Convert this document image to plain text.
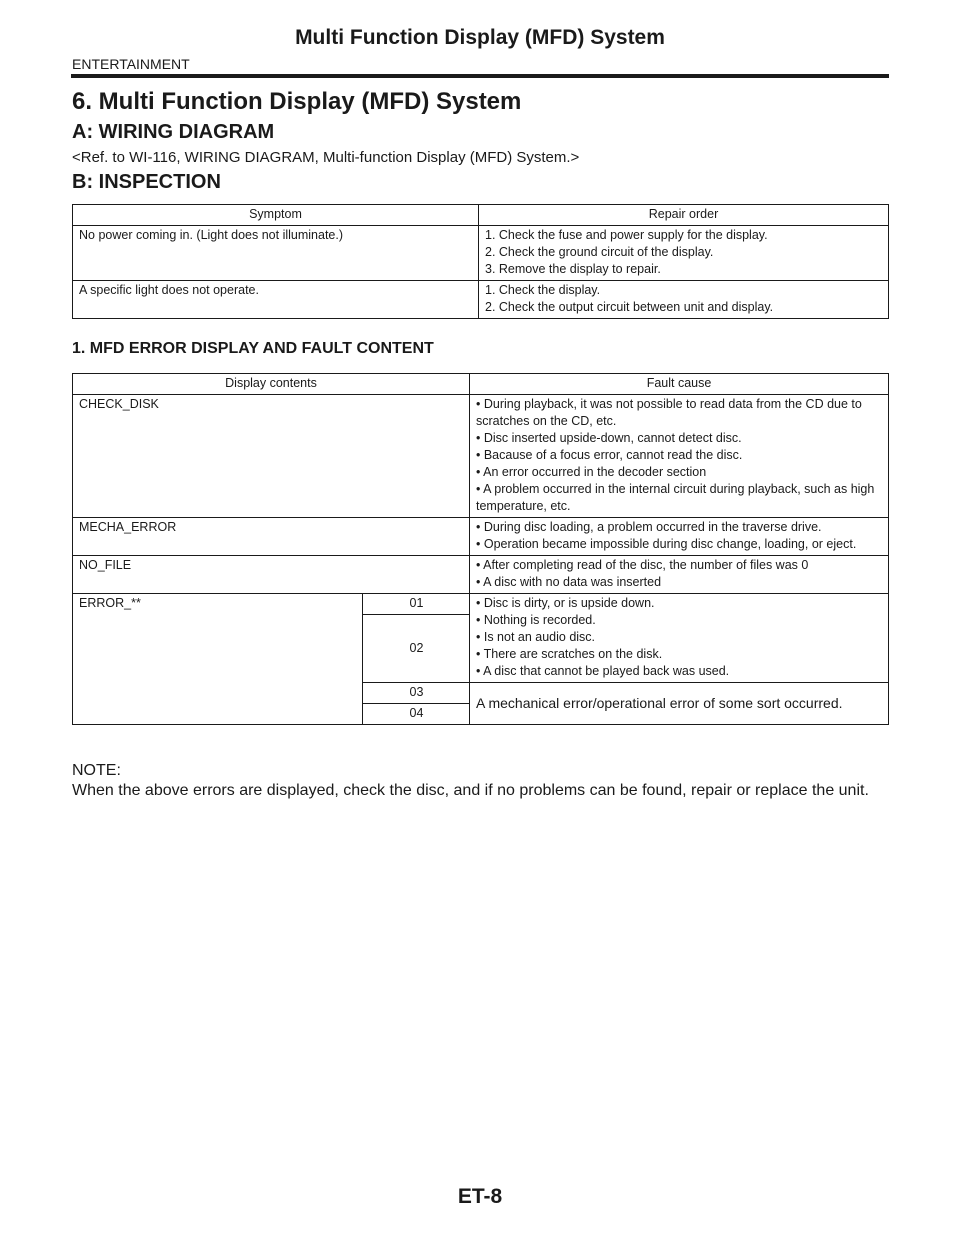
Multi Function Display (MFD) System
ENTERTAINMENT
6. Multi Function Display (MFD) System
A: WIRING DIAGRAM
<Ref. to WI-116, WIRING DIAGRAM, Multi-function Display (MFD) System.>
B: INSPECTION
Symptom	Repair order
No power coming in. (Light does not illuminate.)	1. Check the fuse and power supply for the display.
2. Check the ground circuit of the display.
3. Remove the display to repair.

A specific light does not operate.	1. Check the display.
2. Check the output circuit between unit and display.
1. MFD ERROR DISPLAY AND FAULT CONTENT
Display contents		Fault cause
CHECK_DISK		• During playback, it was not possible to read data from the CD due to scratches on the CD, etc.
• Disc inserted upside-down, cannot detect disc.
• Bacause of a focus error, cannot read the disc.
• An error occurred in the decoder section
• A problem occurred in the internal circuit during playback, such as high temperature, etc.

MECHA_ERROR		• During disc loading, a problem occurred in the traverse drive.
• Operation became impossible during disc change, loading, or eject.

NO_FILE		• After completing read of the disc, the number of files was 0
• A disc with no data was inserted

ERROR_**	01	• Disc is dirty, or is upside down.
• Nothing is recorded.
• Is not an audio disc.
• There are scratches on the disk.
• A disc that cannot be played back was used.

	02	
	03	A mechanical error/operational error of some sort occurred.
	04	
NOTE:
When the above errors are displayed, check the disc, and if no problems can be found, repair or replace the unit.
ET-8
